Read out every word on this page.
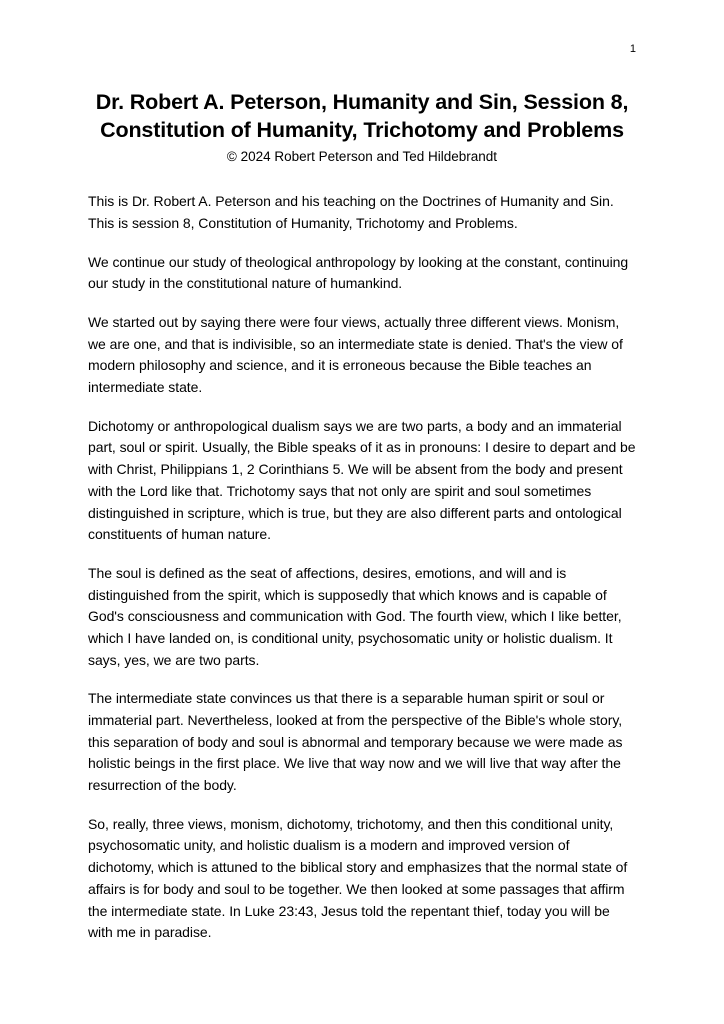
1
Dr. Robert A. Peterson, Humanity and Sin, Session 8, Constitution of Humanity, Trichotomy and Problems
© 2024 Robert Peterson and Ted Hildebrandt

This is Dr. Robert A. Peterson and his teaching on the Doctrines of Humanity and Sin. This is session 8, Constitution of Humanity, Trichotomy and Problems.

We continue our study of theological anthropology by looking at the constant, continuing our study in the constitutional nature of humankind.

We started out by saying there were four views, actually three different views. Monism, we are one, and that is indivisible, so an intermediate state is denied. That's the view of modern philosophy and science, and it is erroneous because the Bible teaches an intermediate state.

Dichotomy or anthropological dualism says we are two parts, a body and an immaterial part, soul or spirit. Usually, the Bible speaks of it as in pronouns: I desire to depart and be with Christ, Philippians 1, 2 Corinthians 5. We will be absent from the body and present with the Lord like that. Trichotomy says that not only are spirit and soul sometimes distinguished in scripture, which is true, but they are also different parts and ontological constituents of human nature.

The soul is defined as the seat of affections, desires, emotions, and will and is distinguished from the spirit, which is supposedly that which knows and is capable of God's consciousness and communication with God. The fourth view, which I like better, which I have landed on, is conditional unity, psychosomatic unity or holistic dualism. It says, yes, we are two parts.

The intermediate state convinces us that there is a separable human spirit or soul or immaterial part. Nevertheless, looked at from the perspective of the Bible's whole story, this separation of body and soul is abnormal and temporary because we were made as holistic beings in the first place. We live that way now and we will live that way after the resurrection of the body.

So, really, three views, monism, dichotomy, trichotomy, and then this conditional unity, psychosomatic unity, and holistic dualism is a modern and improved version of dichotomy, which is attuned to the biblical story and emphasizes that the normal state of affairs is for body and soul to be together. We then looked at some passages that affirm the intermediate state. In Luke 23:43, Jesus told the repentant thief, today you will be with me in paradise.
